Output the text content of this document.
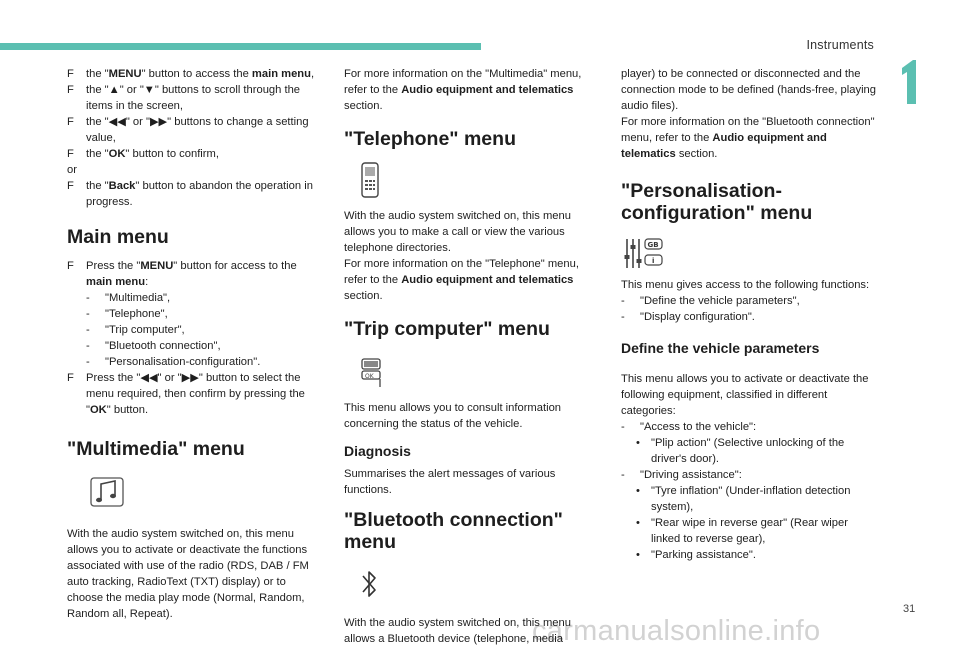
Instruments
31
carmanualsonline.info

F the "MENU" button to access the main menu,

F the "▲" or "▼" buttons to scroll through the items in the screen,

F the "◀◀" or "▶▶" buttons to change a setting value,

F the "OK" button to confirm,

or

F the "Back" button to abandon the operation in progress.

Main menu

F Press the "MENU" button for access to the main menu:

- "Multimedia",

- "Telephone",

- "Trip computer",

- "Bluetooth connection",

- "Personalisation-configuration".

F Press the "◀◀" or "▶▶" button to select the menu required, then confirm by pressing the "OK" button.

"Multimedia" menu

With the audio system switched on, this menu allows you to activate or deactivate the functions associated with use of the radio (RDS, DAB / FM auto tracking, RadioText (TXT) display) or to choose the media play mode (Normal, Random, Random all, Repeat).

For more information on the "Multimedia" menu, refer to the Audio equipment and telematics section.

"Telephone" menu

With the audio system switched on, this menu allows you to make a call or view the various telephone directories.

For more information on the "Telephone" menu, refer to the Audio equipment and telematics section.

"Trip computer" menu
OK

This menu allows you to consult information concerning the status of the vehicle.

Diagnosis

Summarises the alert messages of various functions.

"Bluetooth connection"
menu

With the audio system switched on, this menu allows a Bluetooth device (telephone, media

player) to be connected or disconnected and the connection mode to be defined (hands-free, playing audio files).

For more information on the "Bluetooth connection" menu, refer to the Audio equipment and telematics section.

"Personalisation-
configuration" menu
GB
i

This menu gives access to the following functions:

- "Define the vehicle parameters",

- "Display configuration".

Define the vehicle parameters

This menu allows you to activate or deactivate the following equipment, classified in different categories:

- "Access to the vehicle":

• "Plip action" (Selective unlocking of the driver's door).

- "Driving assistance":

• "Tyre inflation" (Under-inflation detection system),

• "Rear wipe in reverse gear" (Rear wiper linked to reverse gear),

• "Parking assistance".
